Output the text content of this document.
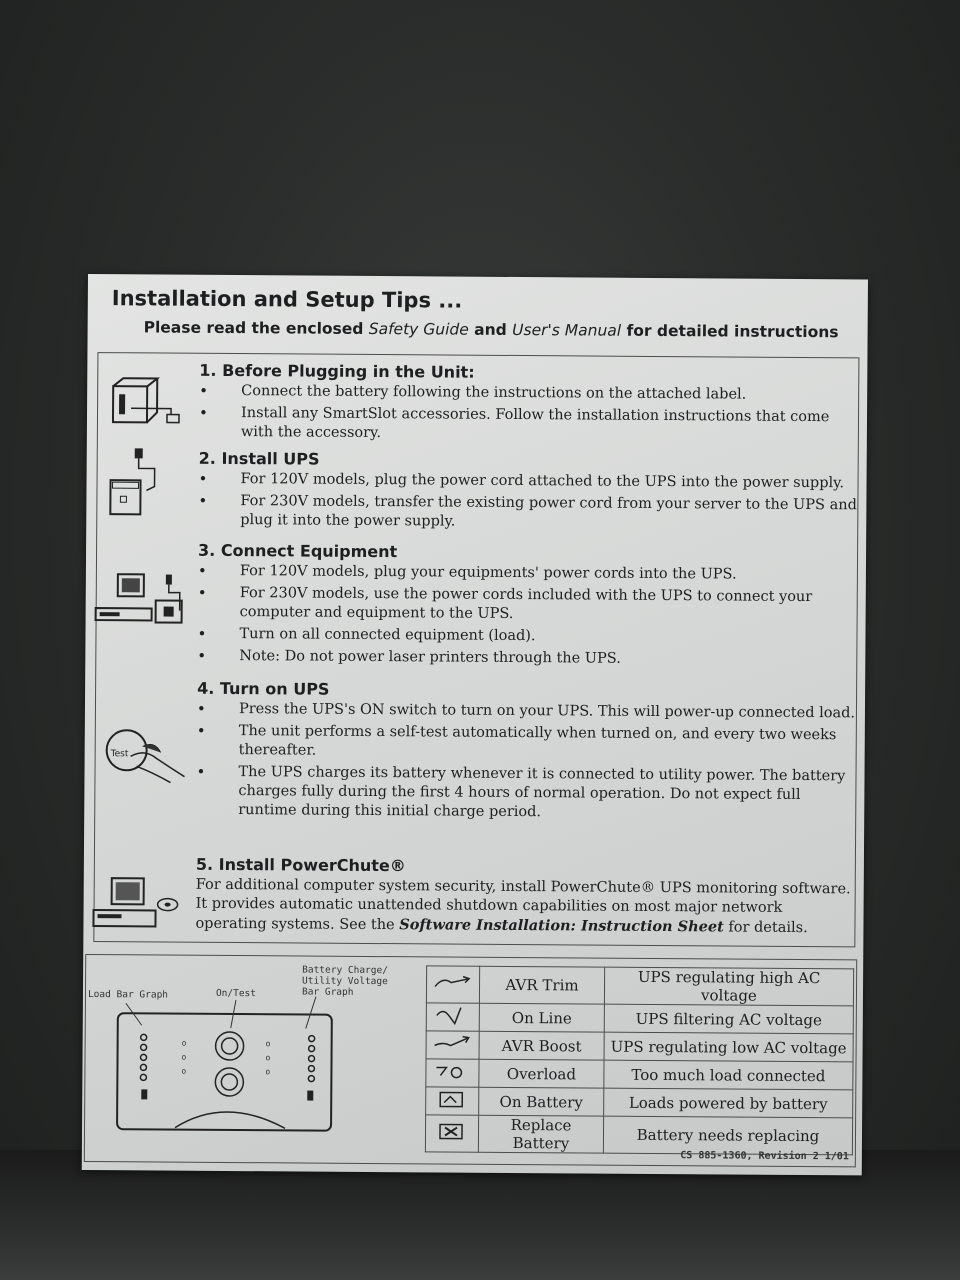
Installation and Setup Tips ...
Please read the enclosed Safety Guide and User's Manual for detailed instructions
Test
1. Before Plugging in the Unit:
• Connect the battery following the instructions on the attached label.
• Install any SmartSlot accessories. Follow the installation instructions that come with the accessory.
2. Install UPS
• For 120V models, plug the power cord attached to the UPS into the power supply.
• For 230V models, transfer the existing power cord from your server to the UPS and plug it into the power supply.
3. Connect Equipment
• For 120V models, plug your equipments' power cords into the UPS.
• For 230V models, use the power cords included with the UPS to connect your computer and equipment to the UPS.
• Turn on all connected equipment (load).
• Note: Do not power laser printers through the UPS.
4. Turn on UPS
• Press the UPS's ON switch to turn on your UPS. This will power-up connected load.
• The unit performs a self-test automatically when turned on, and every two weeks thereafter.
• The UPS charges its battery whenever it is connected to utility power. The battery charges fully during the first 4 hours of normal operation. Do not expect full runtime during this initial charge period.
5. Install PowerChute®
For additional computer system security, install PowerChute® UPS monitoring software. It provides automatic unattended shutdown capabilities on most major network operating systems. See the Software Installation: Instruction Sheet for details.
Load Bar Graph	On/Test
Battery Charge/
Utility Voltage
Bar Graph
o
o
o
o
o
o
	AVR Trim	UPS regulating high AC voltage
	On Line	UPS filtering AC voltage
	AVR Boost	UPS regulating low AC voltage
	Overload	Too much load connected
	On Battery	Loads powered by battery
	Replace Battery	Battery needs replacing
CS 885-1360, Revision 2 1/01
